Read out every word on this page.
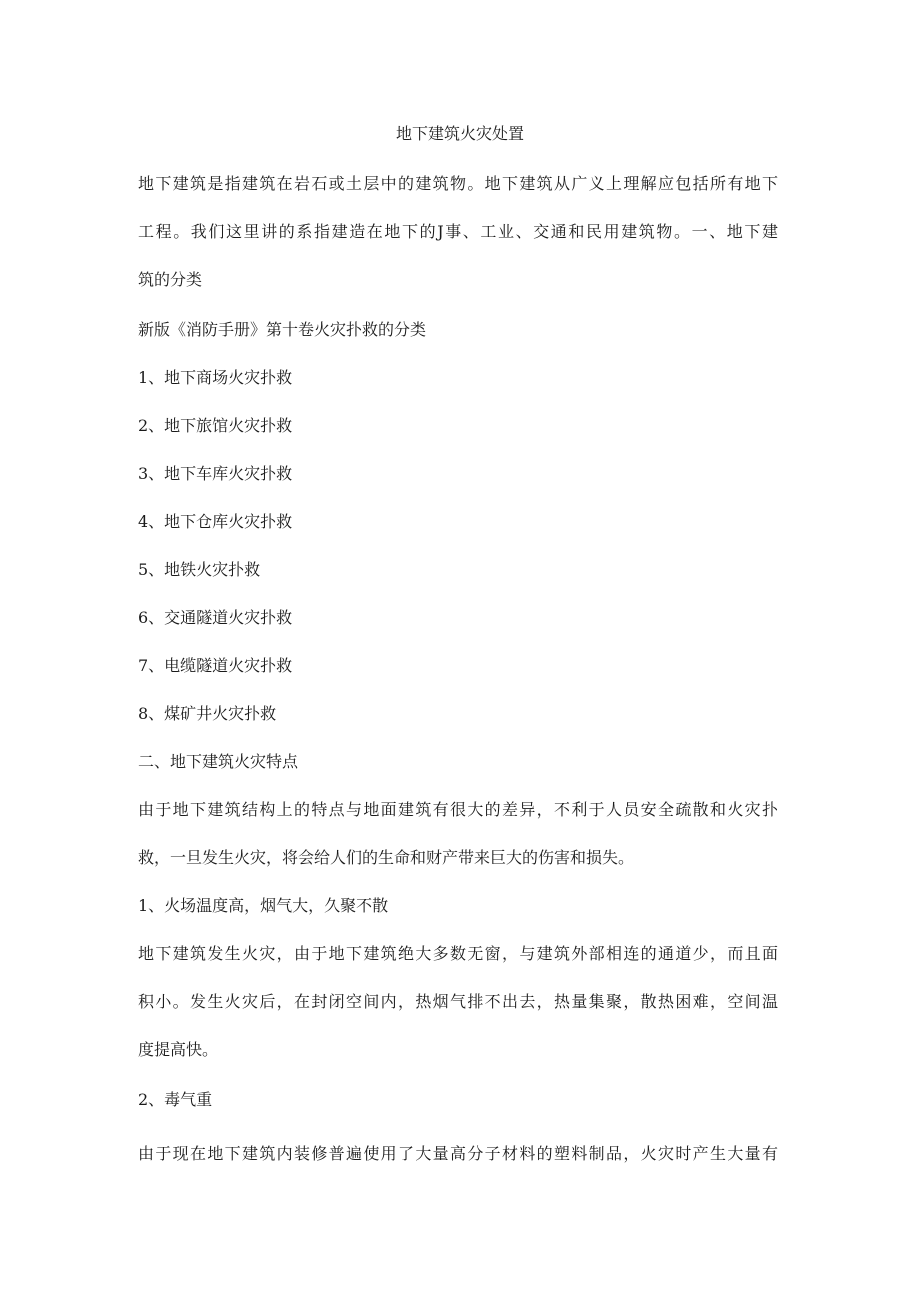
地下建筑火灾处置
地下建筑是指建筑在岩石或土层中的建筑物。地下建筑从广义上理解应包括所有地下
工程。我们这里讲的系指建造在地下的J事、工业、交通和民用建筑物。一、地下建
筑的分类
新版《消防手册》第十卷火灾扑救的分类
1、地下商场火灾扑救
2、地下旅馆火灾扑救
3、地下车库火灾扑救
4、地下仓库火灾扑救
5、地铁火灾扑救
6、交通隧道火灾扑救
7、电缆隧道火灾扑救
8、煤矿井火灾扑救
二、地下建筑火灾特点
由于地下建筑结构上的特点与地面建筑有很大的差异，不利于人员安全疏散和火灾扑
救，一旦发生火灾，将会给人们的生命和财产带来巨大的伤害和损失。
1、火场温度高，烟气大，久聚不散
地下建筑发生火灾，由于地下建筑绝大多数无窗，与建筑外部相连的通道少，而且面
积小。发生火灾后，在封闭空间内，热烟气排不出去，热量集聚，散热困难，空间温
度提高快。
2、毒气重
由于现在地下建筑内装修普遍使用了大量高分子材料的塑料制品，火灾时产生大量有
